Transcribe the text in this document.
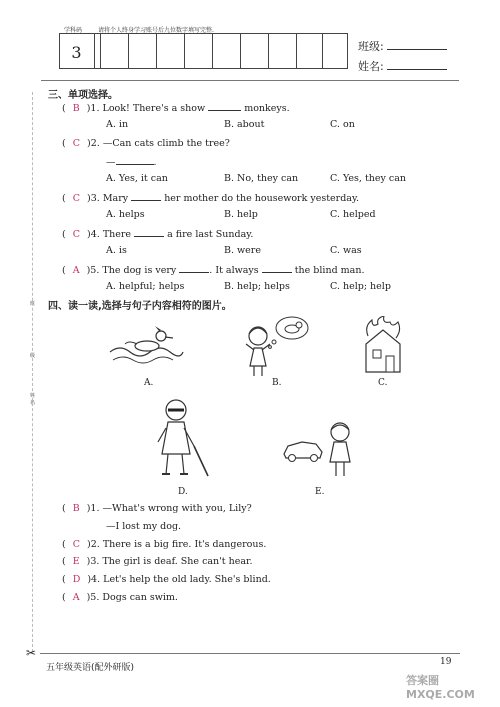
学科码	请将个人终身学习账号后九位数字填写完整.
3	班级:
姓名:
班
级
姓
名
三、单项选择。
( B )1. Look! There's a show	monkeys.
A. in	B. about	C. on
( C )2. —Can cats climb the tree?
—	.
A. Yes, it can	B. No, they can	C. Yes, they can
( C )3. Mary	her mother do the housework yesterday.
A. helps	B. help	C. helped
( C )4. There	a fire last Sunday.
A. is	B. were	C. was
( A )5. The dog is very	. It always	the blind man.
A. helpful; helps	B. help; helps	C. help; help
四、读一读,选择与句子内容相符的图片。
A.	B.	C.
D.	E.
( B )1. —What's wrong with you, Lily?
—I lost my dog.
( C )2. There is a big fire. It's dangerous.
( E )3. The girl is deaf. She can't hear.
( D )4. Let's help the old lady. She's blind.
( A )5. Dogs can swim.
✂
五年级英语(配外研版)
19
答案圈 MXQE.COM
